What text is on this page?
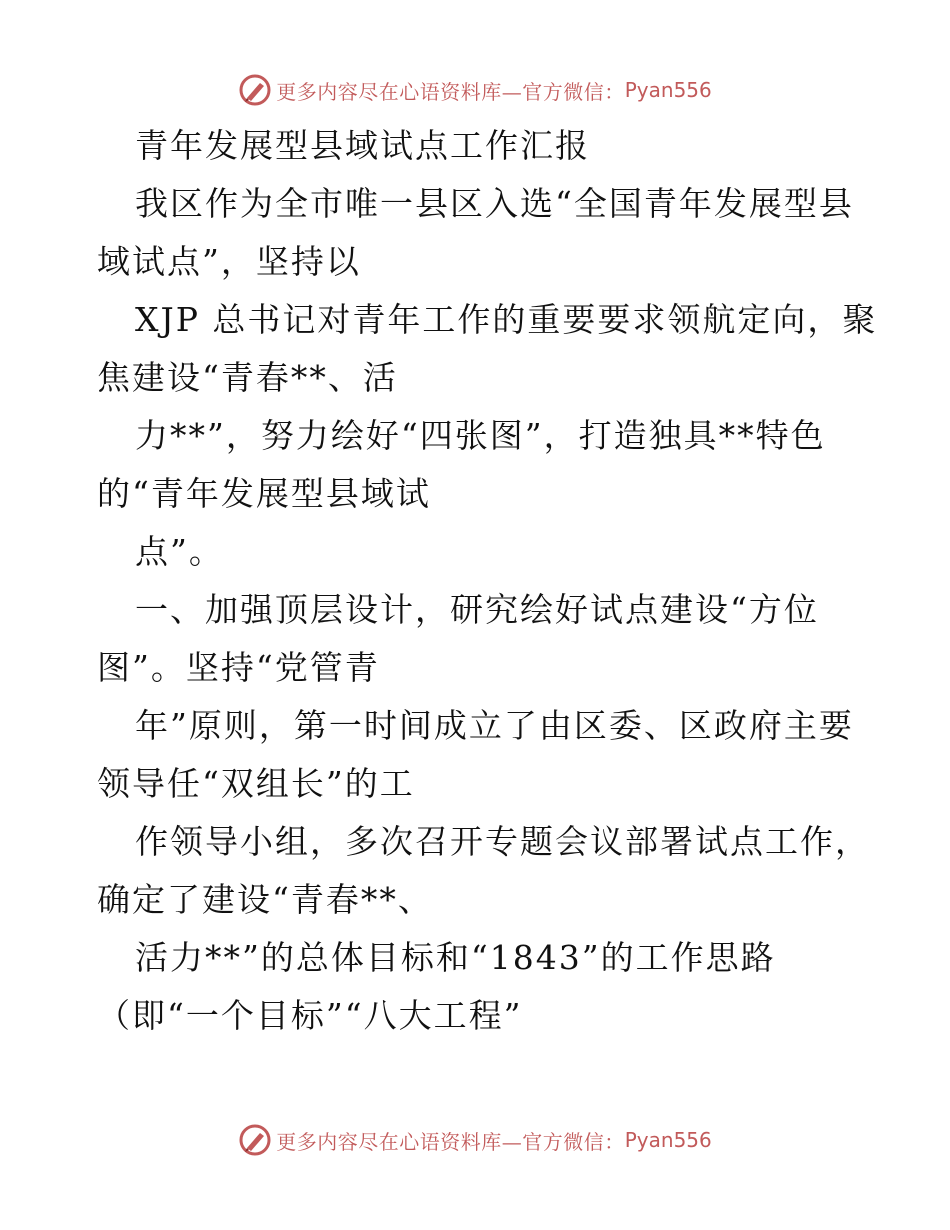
更多内容尽在心语资料库—官方微信： Pyan556
青年发展型县域试点工作汇报
我区作为全市唯一县区入选“全国青年发展型县
域试点”，坚持以
XJP 总书记对青年工作的重要要求领航定向，聚
焦建设“青春**、活
力**”，努力绘好“四张图”，打造独具**特色
的“青年发展型县域试
点”。
一、加强顶层设计，研究绘好试点建设“方位
图”。坚持“党管青
年”原则，第一时间成立了由区委、区政府主要
领导任“双组长”的工
作领导小组，多次召开专题会议部署试点工作，
确定了建设“青春**、
活力**”的总体目标和“1843”的工作思路
（即“一个目标”“八大工程”
更多内容尽在心语资料库—官方微信： Pyan556
